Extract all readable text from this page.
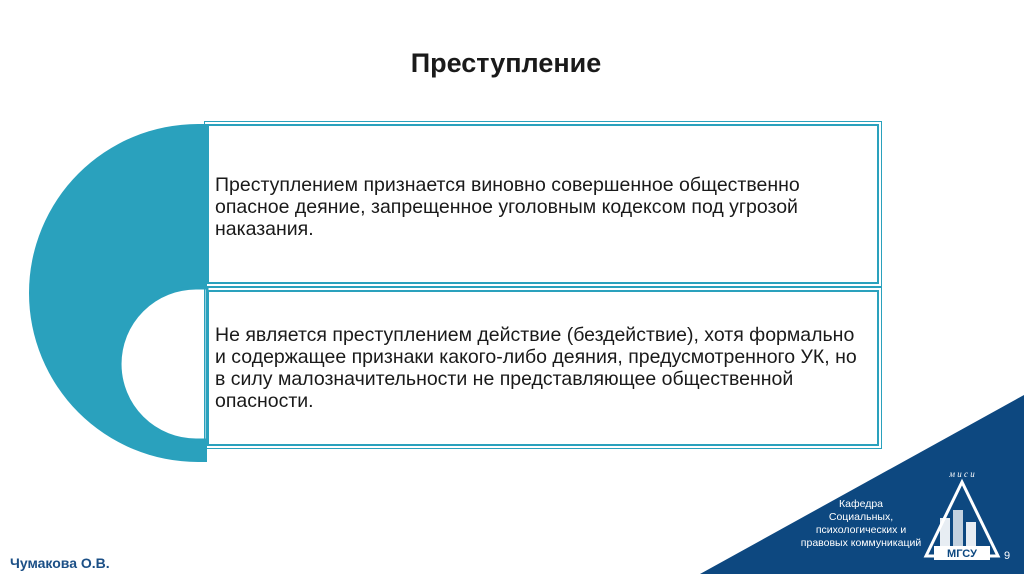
МГСУ
м и с и
Преступление

Преступлением признается виновно совершенное общественно опасное деяние, запрещенное уголовным кодексом под угрозой наказания.

Не является преступлением действие (бездействие), хотя формально и содержащее признаки какого-либо деяния, предусмотренного УК, но в силу малозначительности не представляющее общественной опасности.

Чумакова О.В.
Кафедра
Социальных,
психологических и
правовых коммуникаций
9
